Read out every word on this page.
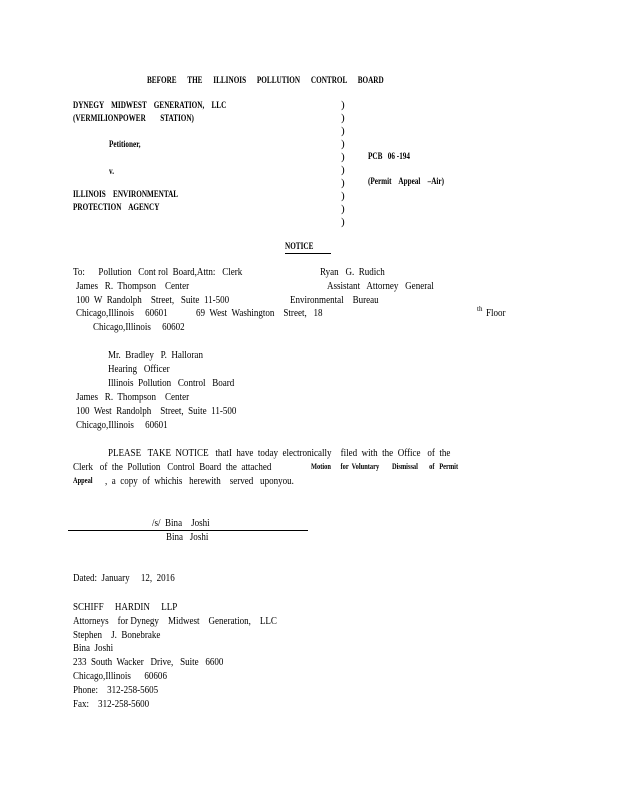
BEFORE      THE      ILLINOIS      POLLUTION      CONTROL      BOARD
DYNEGY    MIDWEST    GENERATION,    LLC
(VERMILIONPOWER        STATION)
Petitioner,
v.
ILLINOIS    ENVIRONMENTAL
PROTECTION    AGENCY
)
)
)
)
)
)
)
)
)
)
PCB   06 -194
(Permit    Appeal    –Air)
NOTICE
To:      Pollution   Cont rol  Board,Attn:   Clerk	Ryan   G.  Rudich
James   R.  Thompson    Center	Assistant   Attorney   General
100  W  Randolph    Street,   Suite  11-500	Environmental    Bureau
Chicago,Illinois     60601	69  West  Washington    Street,   18	th Floor
Chicago,Illinois     60602
Mr.  Bradley   P.  Halloran
Hearing   Officer
Illinois  Pollution   Control   Board
James   R.  Thompson    Center
100  West  Randolph    Street,  Suite  11-500
Chicago,Illinois     60601
PLEASE   TAKE  NOTICE   thatI  have  today  electronically    filed  with  the  Office   of  the
Clerk   of  the  Pollution   Control  Board  the  attached	Motion      for  Voluntary        Dismissal       of   Permit
Appeal ,  a  copy  of  whichis   herewith    served   uponyou.
/s/  Bina    Joshi
Bina   Joshi
Dated:  January     12,  2016
SCHIFF     HARDIN     LLP
Attorneys    for Dynegy    Midwest    Generation,    LLC
Stephen    J.  Bonebrake
Bina  Joshi
233  South  Wacker   Drive,   Suite   6600
Chicago,Illinois      60606
Phone:    312-258-5605
Fax:    312-258-5600
